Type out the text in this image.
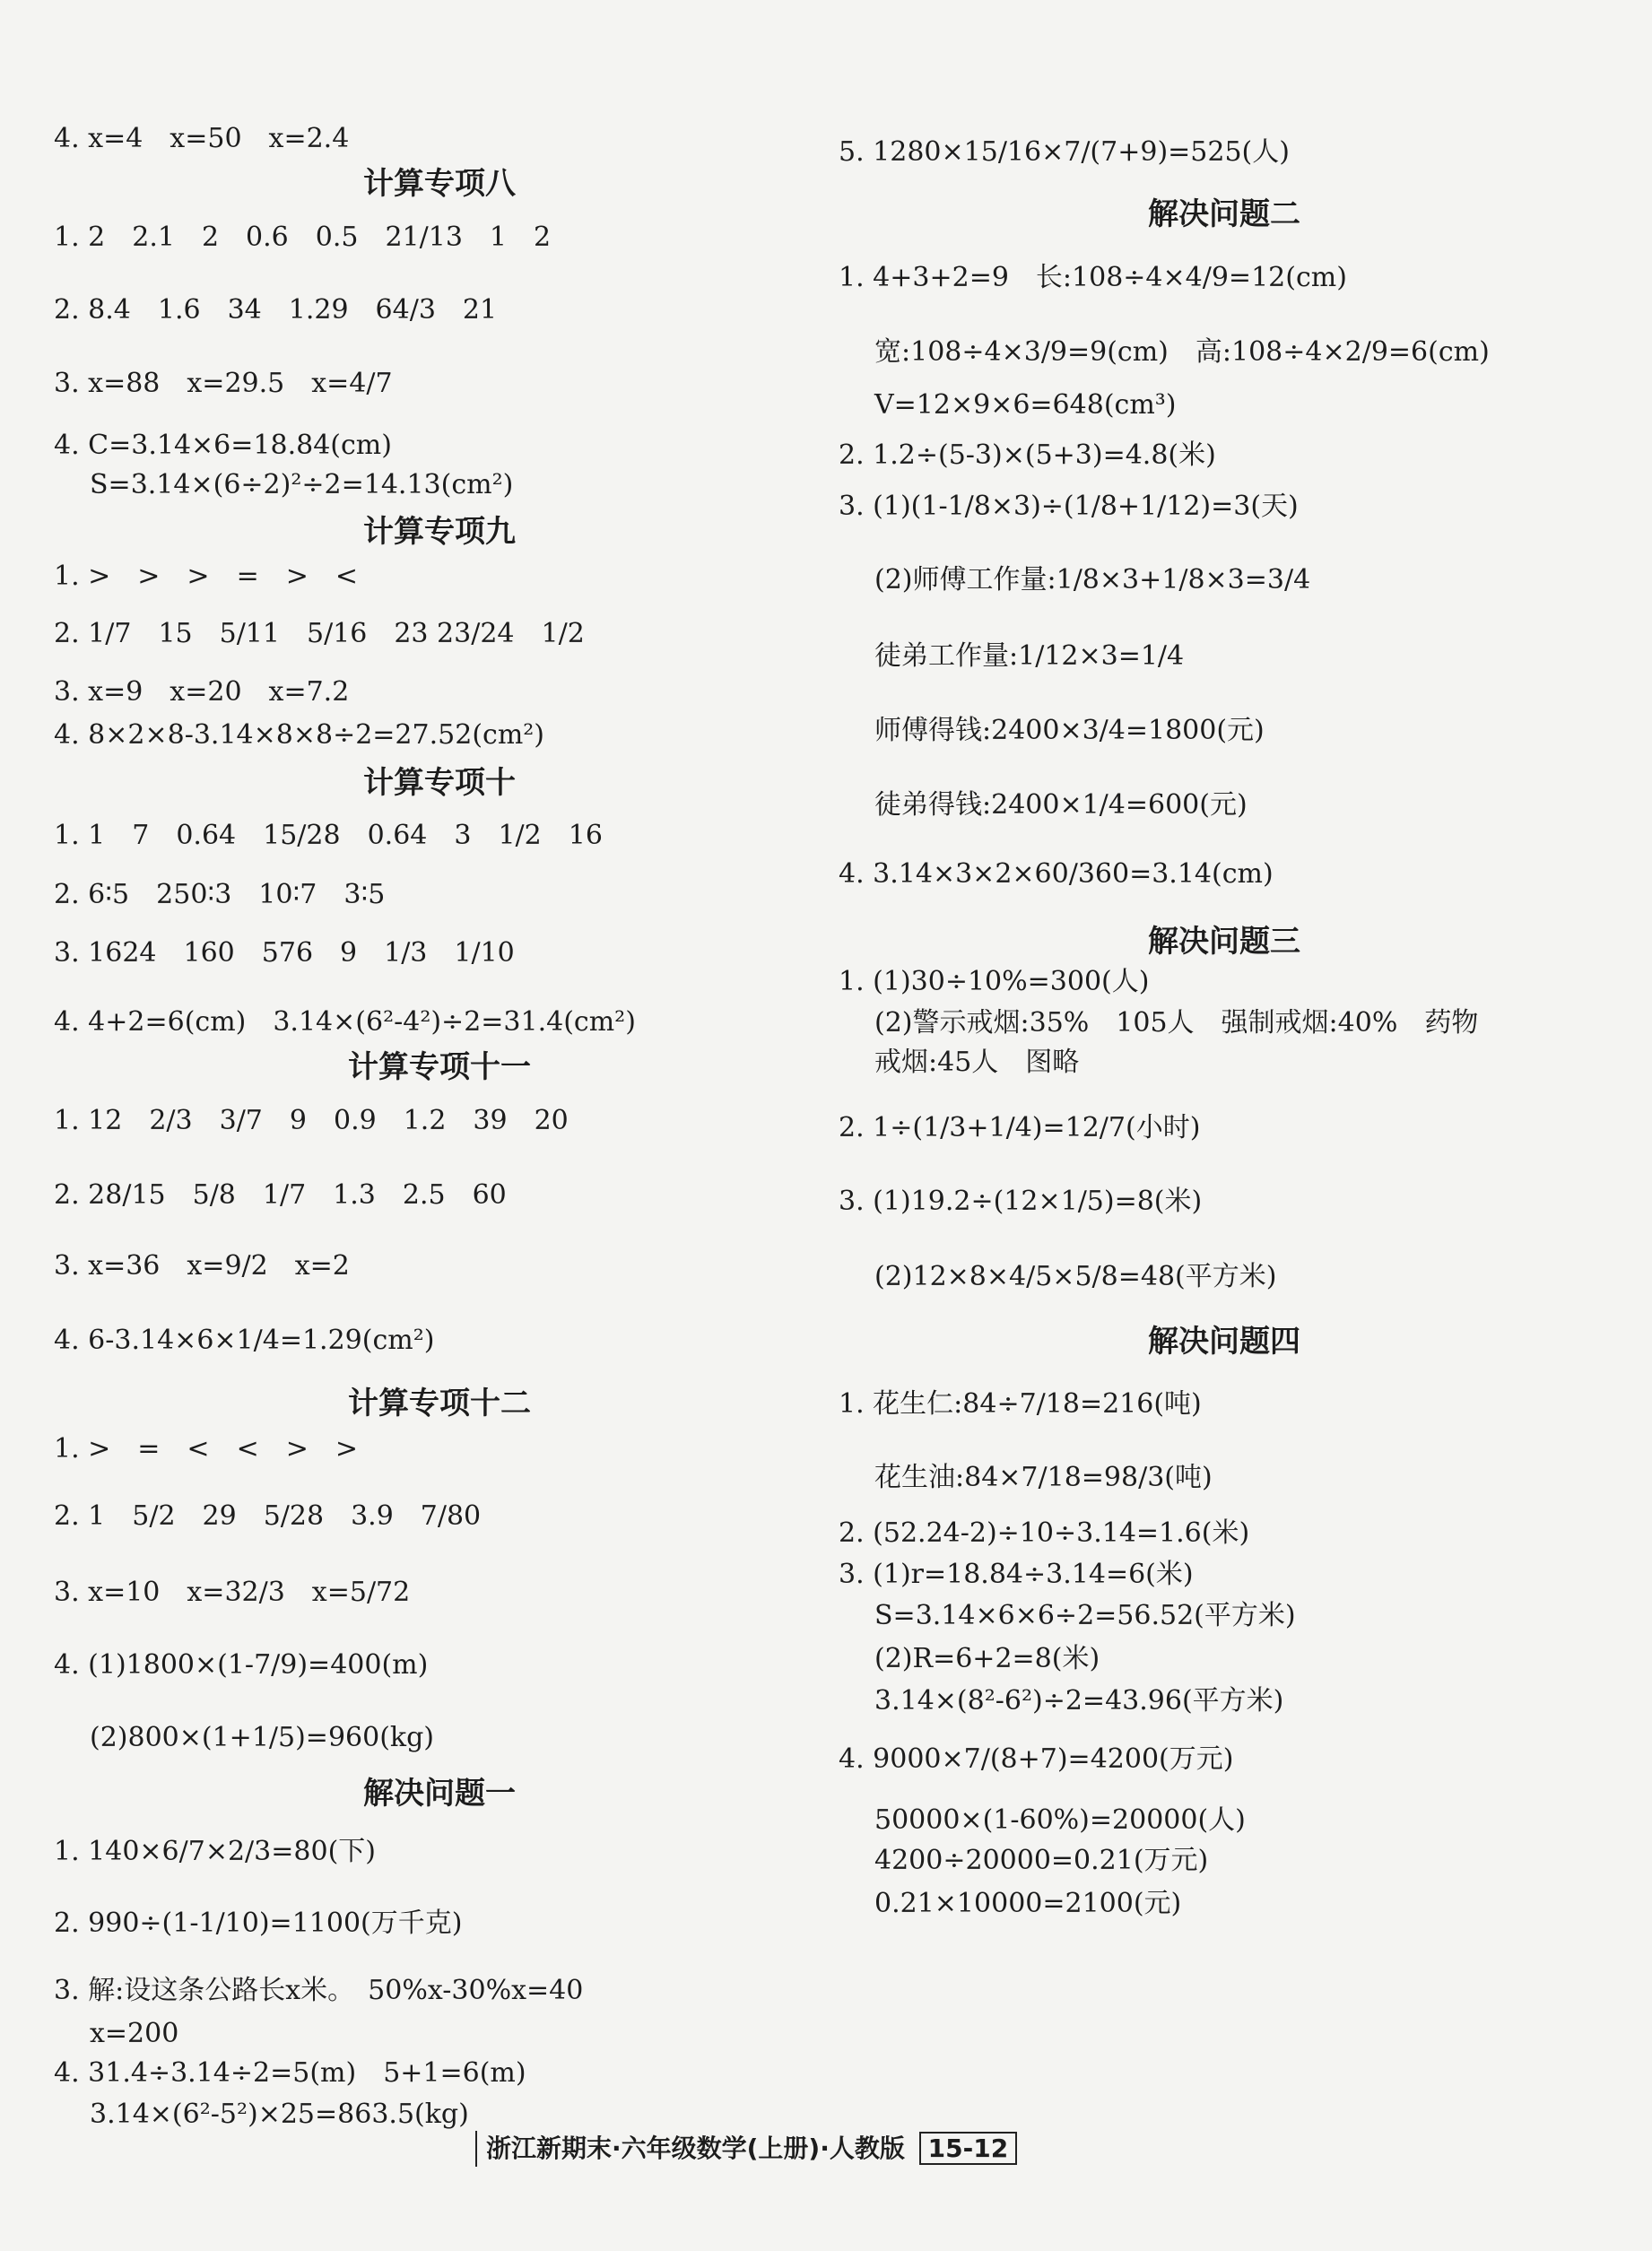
4. x=4　x=50　x=2.4
计算专项八
1. 2　2.1　2　0.6　0.5　21/13　1　2
2. 8.4　1.6　34　1.29　64/3　21
3. x=88　x=29.5　x=4/7
4. C=3.14×6=18.84(cm)
S=3.14×(6÷2)²÷2=14.13(cm²)
计算专项九
1. >　>　>　=　>　<
2. 1/7　15　5/11　5/16　23 23/24　1/2
3. x=9　x=20　x=7.2
4. 8×2×8-3.14×8×8÷2=27.52(cm²)
计算专项十
1. 1　7　0.64　15/28　0.64　3　1/2　16
2. 6∶5　250∶3　10∶7　3∶5
3. 1624　160　576　9　1/3　1/10
4. 4+2=6(cm)　3.14×(6²-4²)÷2=31.4(cm²)
计算专项十一
1. 12　2/3　3/7　9　0.9　1.2　39　20
2. 28/15　5/8　1/7　1.3　2.5　60
3. x=36　x=9/2　x=2
4. 6-3.14×6×1/4=1.29(cm²)
计算专项十二
1. >　=　<　<　>　>
2. 1　5/2　29　5/28　3.9　7/80
3. x=10　x=32/3　x=5/72
4. (1)1800×(1-7/9)=400(m)
(2)800×(1+1/5)=960(kg)
解决问题一
1. 140×6/7×2/3=80(下)
2. 990÷(1-1/10)=1100(万千克)
3. 解:设这条公路长x米。　50%x-30%x=40
x=200
4. 31.4÷3.14÷2=5(m)　5+1=6(m)
3.14×(6²-5²)×25=863.5(kg)
5. 1280×15/16×7/(7+9)=525(人)
解决问题二
1. 4+3+2=9　长:108÷4×4/9=12(cm)
宽:108÷4×3/9=9(cm)　高:108÷4×2/9=6(cm)
V=12×9×6=648(cm³)
2. 1.2÷(5-3)×(5+3)=4.8(米)
3. (1)(1-1/8×3)÷(1/8+1/12)=3(天)
(2)师傅工作量:1/8×3+1/8×3=3/4
徒弟工作量:1/12×3=1/4
师傅得钱:2400×3/4=1800(元)
徒弟得钱:2400×1/4=600(元)
4. 3.14×3×2×60/360=3.14(cm)
解决问题三
1. (1)30÷10%=300(人)
(2)警示戒烟:35%　105人　强制戒烟:40%　药物
戒烟:45人　图略
2. 1÷(1/3+1/4)=12/7(小时)
3. (1)19.2÷(12×1/5)=8(米)
(2)12×8×4/5×5/8=48(平方米)
解决问题四
1. 花生仁:84÷7/18=216(吨)
花生油:84×7/18=98/3(吨)
2. (52.24-2)÷10÷3.14=1.6(米)
3. (1)r=18.84÷3.14=6(米)
S=3.14×6×6÷2=56.52(平方米)
(2)R=6+2=8(米)
3.14×(8²-6²)÷2=43.96(平方米)
4. 9000×7/(8+7)=4200(万元)
50000×(1-60%)=20000(人)
4200÷20000=0.21(万元)
0.21×10000=2100(元)
浙江新期末·六年级数学(上册)·人教版 15-12
